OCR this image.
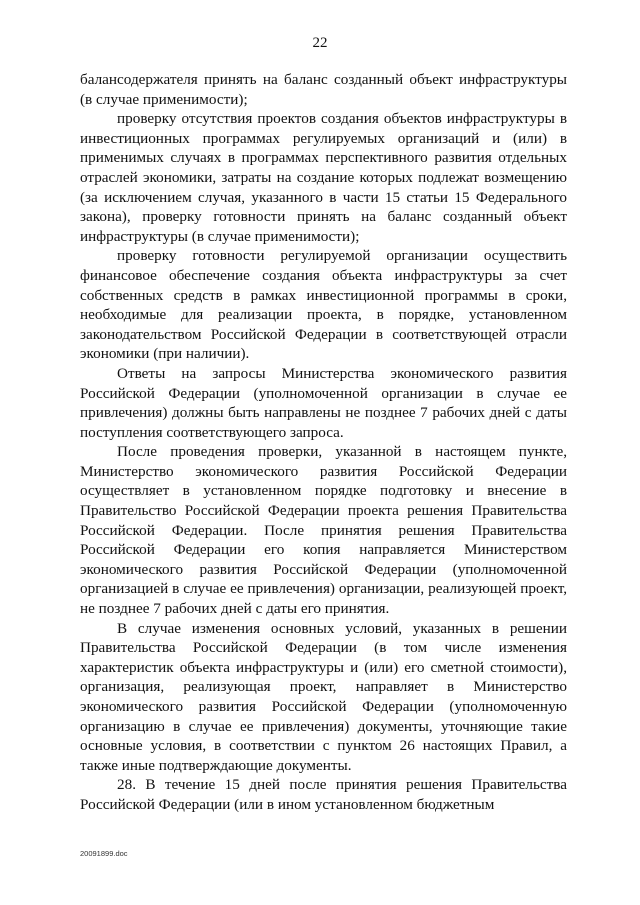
22

балансодержателя принять на баланс созданный объект инфраструктуры (в случае применимости);

проверку отсутствия проектов создания объектов инфраструктуры в инвестиционных программах регулируемых организаций и (или) в применимых случаях в программах перспективного развития отдельных отраслей экономики, затраты на создание которых подлежат возмещению (за исключением случая, указанного в части 15 статьи 15 Федерального закона), проверку готовности принять на баланс созданный объект инфраструктуры (в случае применимости);

проверку готовности регулируемой организации осуществить финансовое обеспечение создания объекта инфраструктуры за счет собственных средств в рамках инвестиционной программы в сроки, необходимые для реализации проекта, в порядке, установленном законодательством Российской Федерации в соответствующей отрасли экономики (при наличии).

Ответы на запросы Министерства экономического развития Российской Федерации (уполномоченной организации в случае ее привлечения) должны быть направлены не позднее 7 рабочих дней с даты поступления соответствующего запроса.

После проведения проверки, указанной в настоящем пункте, Министерство экономического развития Российской Федерации осуществляет в установленном порядке подготовку и внесение в Правительство Российской Федерации проекта решения Правительства Российской Федерации. После принятия решения Правительства Российской Федерации его копия направляется Министерством экономического развития Российской Федерации (уполномоченной организацией в случае ее привлечения) организации, реализующей проект, не позднее 7 рабочих дней с даты его принятия.

В случае изменения основных условий, указанных в решении Правительства Российской Федерации (в том числе изменения характеристик объекта инфраструктуры и (или) его сметной стоимости), организация, реализующая проект, направляет в Министерство экономического развития Российской Федерации (уполномоченную организацию в случае ее привлечения) документы, уточняющие такие основные условия, в соответствии с пунктом 26 настоящих Правил, а также иные подтверждающие документы.

28. В течение 15 дней после принятия решения Правительства Российской Федерации (или в ином установленном бюджетным

20091899.doc
